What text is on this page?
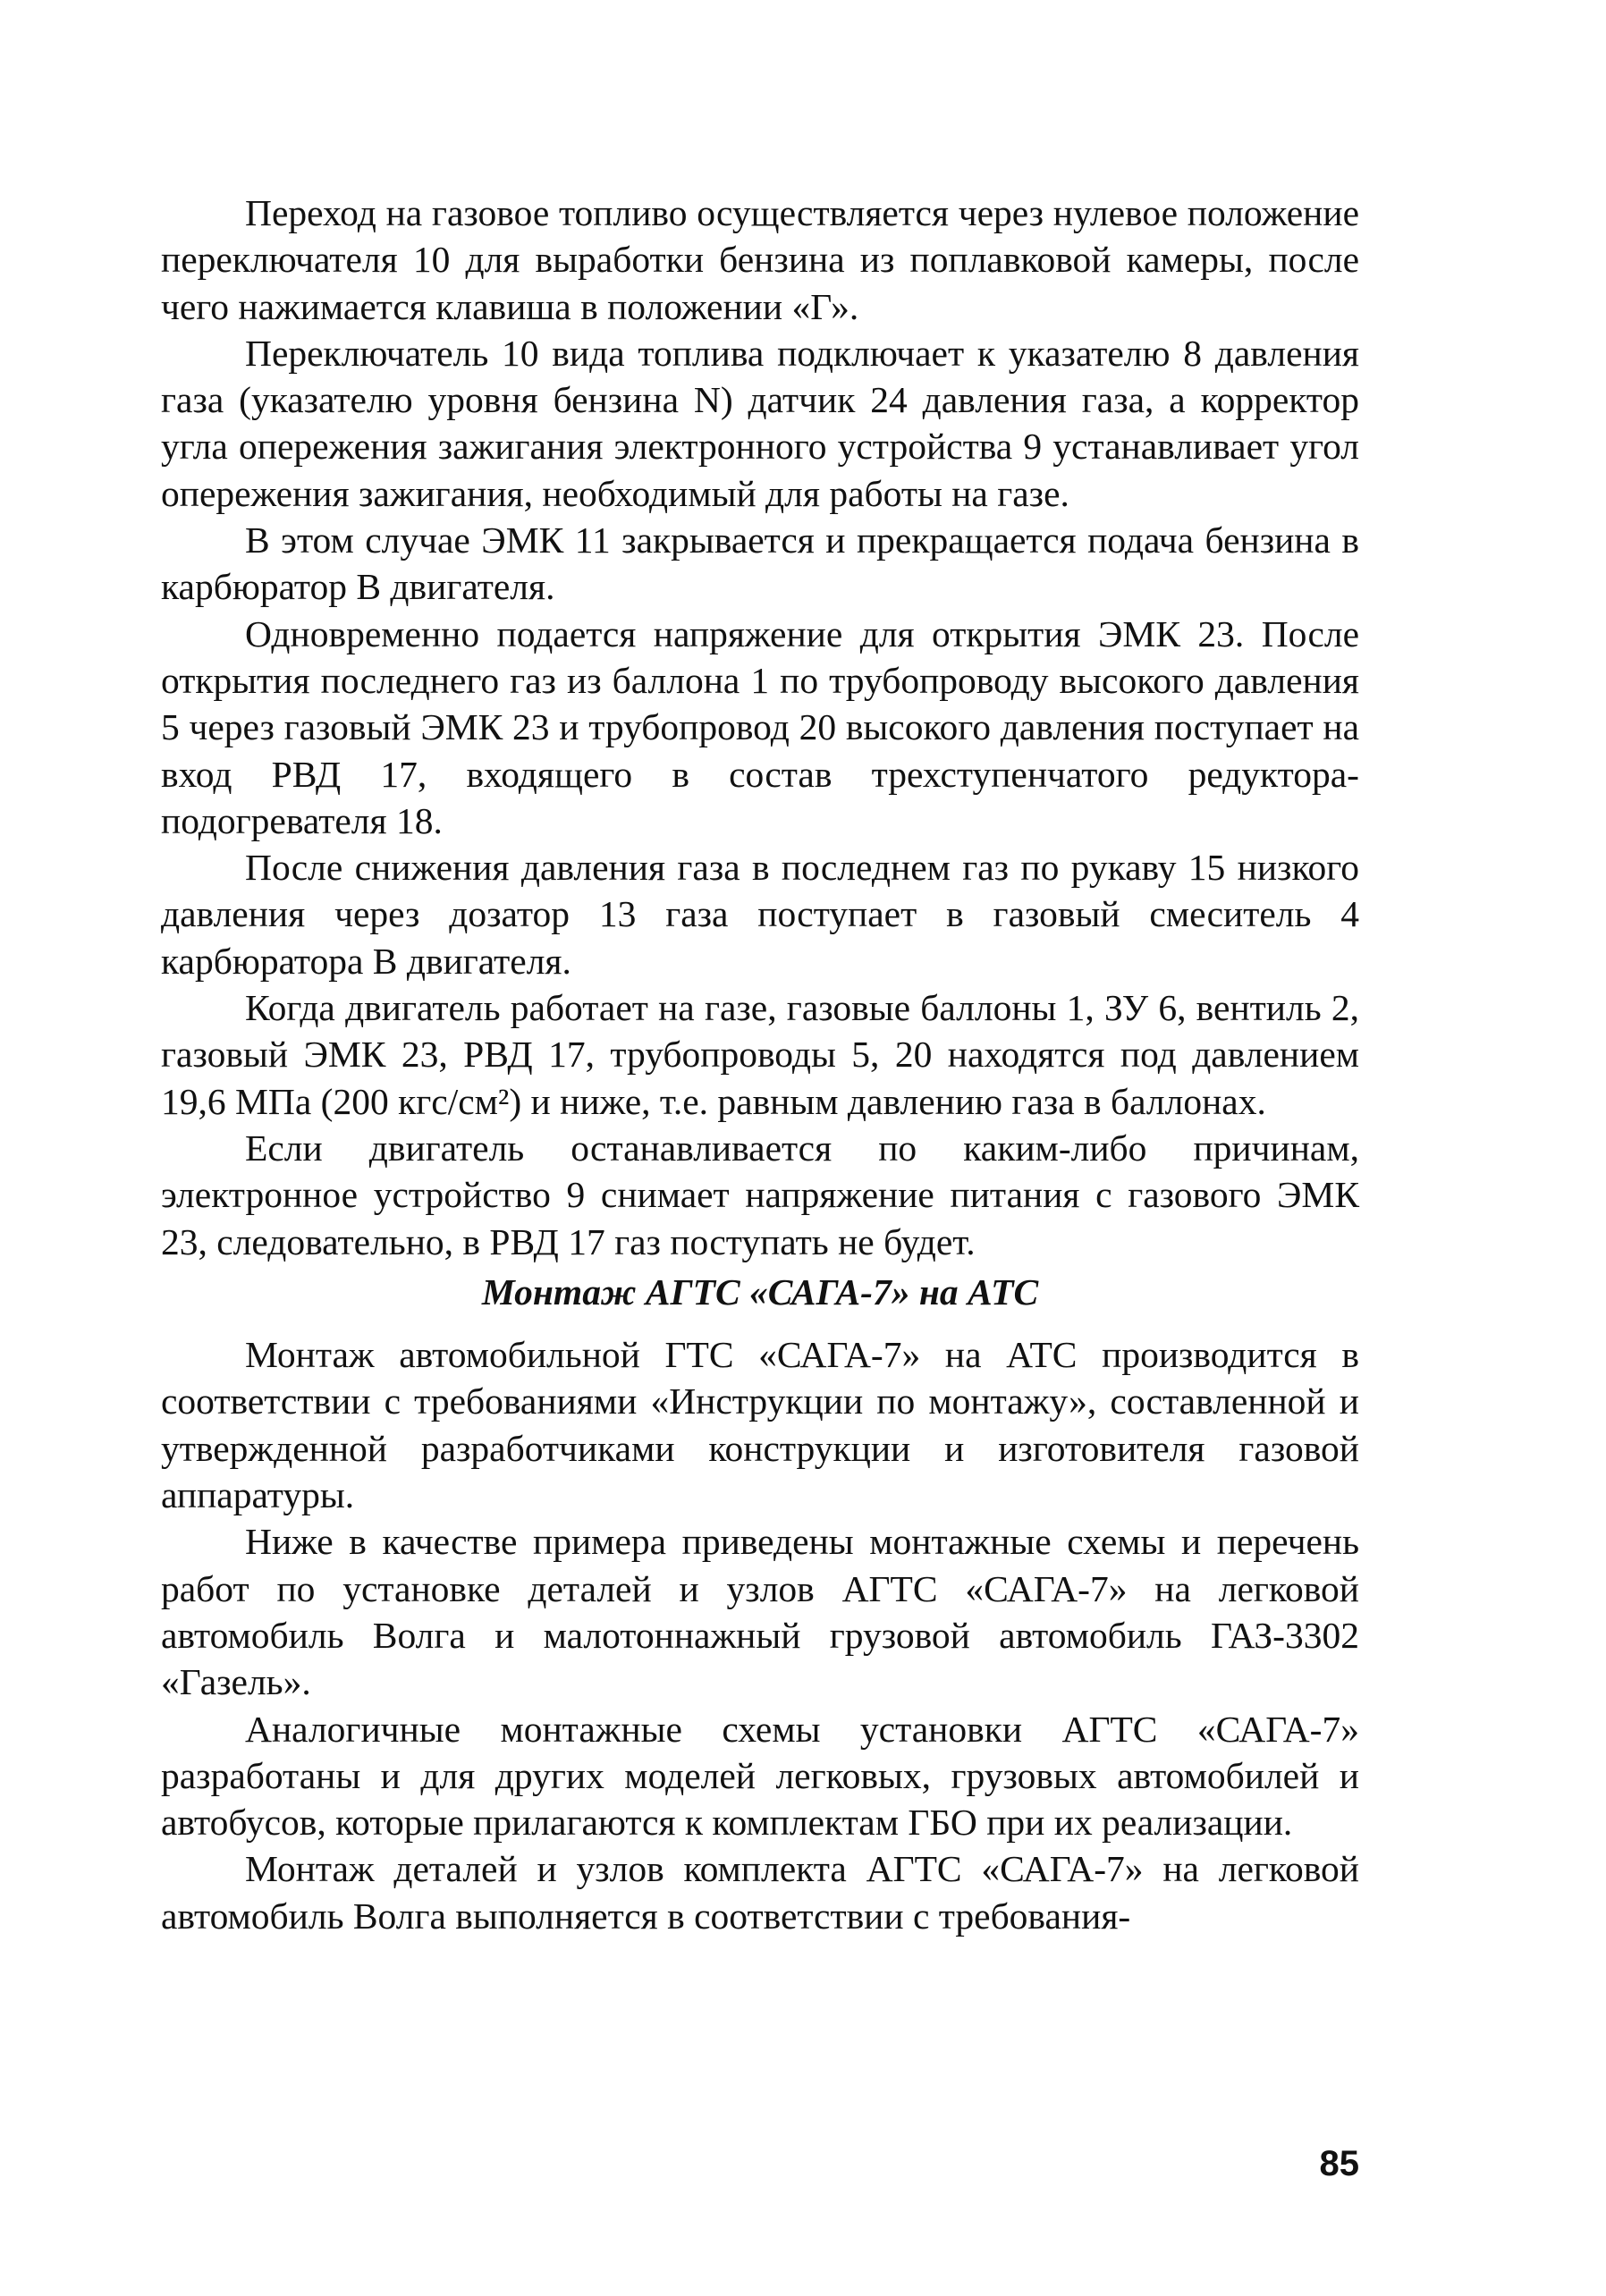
Переход на газовое топливо осуществляется через нулевое положение переключателя 10 для выработки бензина из поплавковой камеры, после чего нажимается клавиша в положении «Г».

Переключатель 10 вида топлива подключает к указателю 8 давления газа (указателю уровня бензина N) датчик 24 давления газа, а корректор угла опережения зажигания электронного устройства 9 устанавливает угол опережения зажигания, необходимый для работы на газе.

В этом случае ЭМК 11 закрывается и прекращается подача бензина в карбюратор В двигателя.

Одновременно подается напряжение для открытия ЭМК 23. После открытия последнего газ из баллона 1 по трубопроводу высокого давления 5 через газовый ЭМК 23 и трубопровод 20 высокого давления поступает на вход РВД 17, входящего в состав трехступенчатого редуктора-подогревателя 18.

После снижения давления газа в последнем газ по рукаву 15 низкого давления через дозатор 13 газа поступает в газовый смеситель 4 карбюратора В двигателя.

Когда двигатель работает на газе, газовые баллоны 1, ЗУ 6, вентиль 2, газовый ЭМК 23, РВД 17, трубопроводы 5, 20 находятся под давлением 19,6 МПа (200 кгс/см²) и ниже, т.е. равным давлению газа в баллонах.

Если двигатель останавливается по каким-либо причинам, электронное устройство 9 снимает напряжение питания с газового ЭМК 23, следовательно, в РВД 17 газ поступать не будет.

Монтаж АГТС «САГА-7» на АТС

Монтаж автомобильной ГТС «САГА-7» на АТС производится в соответствии с требованиями «Инструкции по монтажу», составленной и утвержденной разработчиками конструкции и изготовителя газовой аппаратуры.

Ниже в качестве примера приведены монтажные схемы и перечень работ по установке деталей и узлов АГТС «САГА-7» на легковой автомобиль Волга и малотоннажный грузовой автомобиль ГАЗ-3302 «Газель».

Аналогичные монтажные схемы установки АГТС «САГА-7» разработаны и для других моделей легковых, грузовых автомобилей и автобусов, которые прилагаются к комплектам ГБО при их реализации.

Монтаж деталей и узлов комплекта АГТС «САГА-7» на легковой автомобиль Волга выполняется в соответствии с требования-

85
